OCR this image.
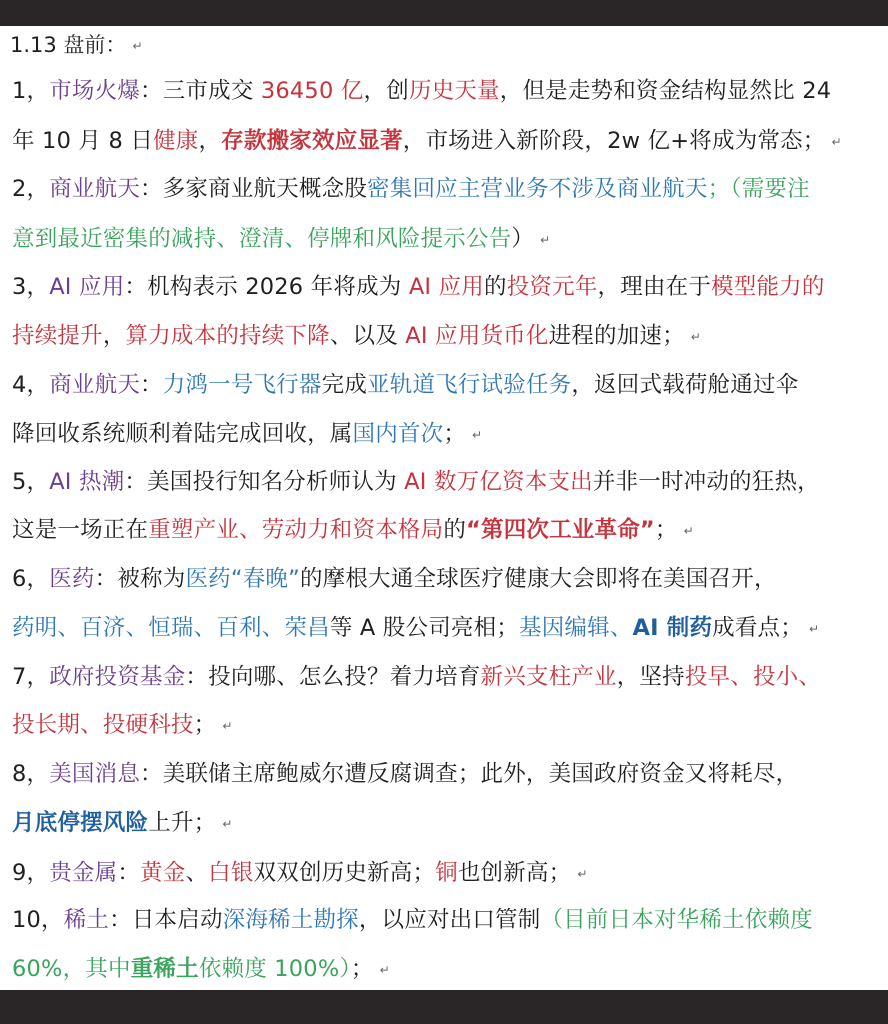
1.13 盘前： ↵
1，市场火爆：三市成交 36450 亿，创历史天量，但是走势和资金结构显然比 24
年 10 月 8 日健康，存款搬家效应显著，市场进入新阶段，2w 亿+将成为常态； ↵
2，商业航天：多家商业航天概念股密集回应主营业务不涉及商业航天；（需要注
意到最近密集的减持、澄清、停牌和风险提示公告） ↵
3，AI 应用：机构表示 2026 年将成为 AI 应用的投资元年，理由在于模型能力的
持续提升，算力成本的持续下降、以及 AI 应用货币化进程的加速； ↵
4，商业航天：力鸿一号飞行器完成亚轨道飞行试验任务，返回式载荷舱通过伞
降回收系统顺利着陆完成回收，属国内首次； ↵
5，AI 热潮：美国投行知名分析师认为 AI 数万亿资本支出并非一时冲动的狂热，
这是一场正在重塑产业、劳动力和资本格局的“第四次工业革命”； ↵
6，医药：被称为医药“春晚”的摩根大通全球医疗健康大会即将在美国召开，
药明、百济、恒瑞、百利、荣昌等 A 股公司亮相；基因编辑、AI 制药成看点； ↵
7，政府投资基金：投向哪、怎么投？着力培育新兴支柱产业，坚持投早、投小、
投长期、投硬科技； ↵
8，美国消息：美联储主席鲍威尔遭反腐调查；此外，美国政府资金又将耗尽，
月底停摆风险上升； ↵
9，贵金属：黄金、白银双双创历史新高；铜也创新高； ↵
10，稀土：日本启动深海稀土勘探，以应对出口管制（目前日本对华稀土依赖度
60%，其中重稀土依赖度 100%）； ↵
